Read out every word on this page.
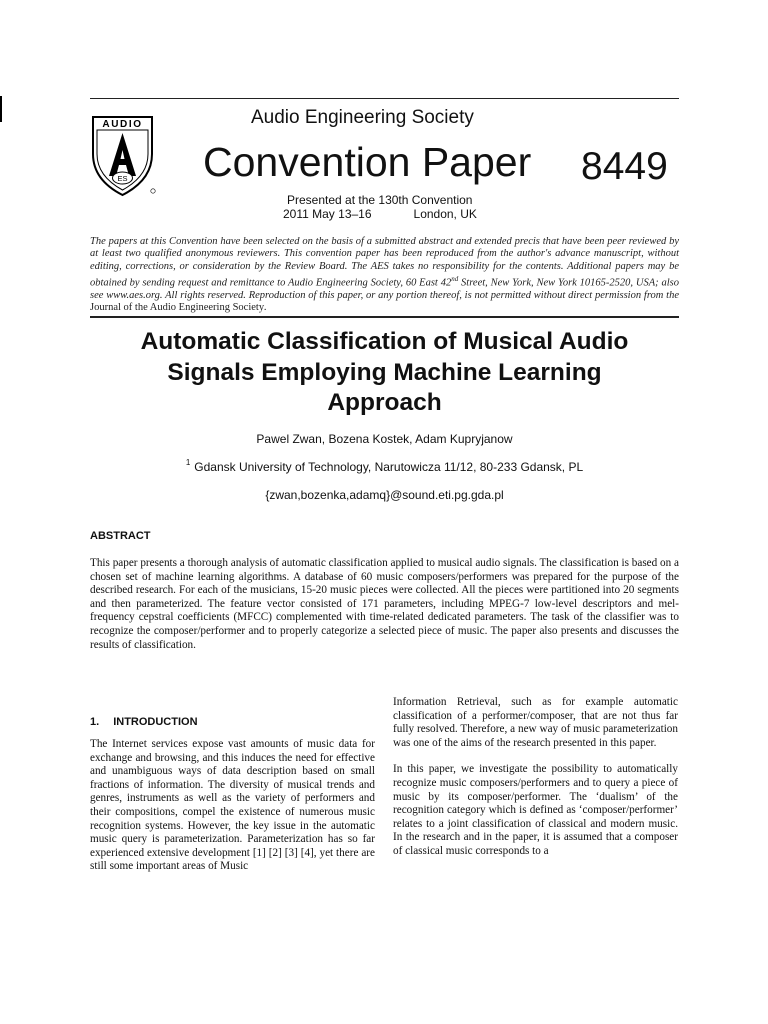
AUDIO
ES
Audio Engineering Society
Convention Paper 8449
Presented at the 130th Convention
2011 May 13–16	London, UK
The papers at this Convention have been selected on the basis of a submitted abstract and extended precis that have been peer reviewed by at least two qualified anonymous reviewers. This convention paper has been reproduced from the author's advance manuscript, without editing, corrections, or consideration by the Review Board. The AES takes no responsibility for the contents. Additional papers may be obtained by sending request and remittance to Audio Engineering Society, 60 East 42nd Street, New York, New York 10165-2520, USA; also see www.aes.org. All rights reserved. Reproduction of this paper, or any portion thereof, is not permitted without direct permission from the Journal of the Audio Engineering Society.
Automatic Classification of Musical Audio
Signals Employing Machine Learning
Approach
Pawel Zwan, Bozena Kostek, Adam Kupryjanow
$^1$ Gdansk University of Technology, Narutowicza 11/12, 80-233 Gdansk, PL
{zwan,bozenka,adamq}@sound.eti.pg.gda.pl
ABSTRACT
This paper presents a thorough analysis of automatic classification applied to musical audio signals. The classification is based on a chosen set of machine learning algorithms. A database of 60 music composers/performers was prepared for the purpose of the described research. For each of the musicians, 15-20 music pieces were collected. All the pieces were partitioned into 20 segments and then parameterized. The feature vector consisted of 171 parameters, including MPEG-7 low-level descriptors and mel-frequency cepstral coefficients (MFCC) complemented with time-related dedicated parameters. The task of the classifier was to recognize the composer/performer and to properly categorize a selected piece of music. The paper also presents and discusses the results of classification.
1. INTRODUCTION

The Internet services expose vast amounts of music data for exchange and browsing, and this induces the need for effective and unambiguous ways of data description based on small fractions of information. The diversity of musical trends and genres, instruments as well as the variety of performers and their compositions, compel the existence of numerous music recognition systems. However, the key issue in the automatic music query is parameterization. Parameterization has so far experienced extensive development [1] [2] [3] [4], yet there are still some important areas of Music

Information Retrieval, such as for example automatic classification of a performer/composer, that are not thus far fully resolved. Therefore, a new way of music parameterization was one of the aims of the research presented in this paper.

In this paper, we investigate the possibility to automatically recognize music composers/performers and to query a piece of music by its composer/performer. The ‘dualism’ of the recognition category which is defined as ‘composer/performer’ relates to a joint classification of classical and modern music. In the research and in the paper, it is assumed that a composer of classical music corresponds to a
